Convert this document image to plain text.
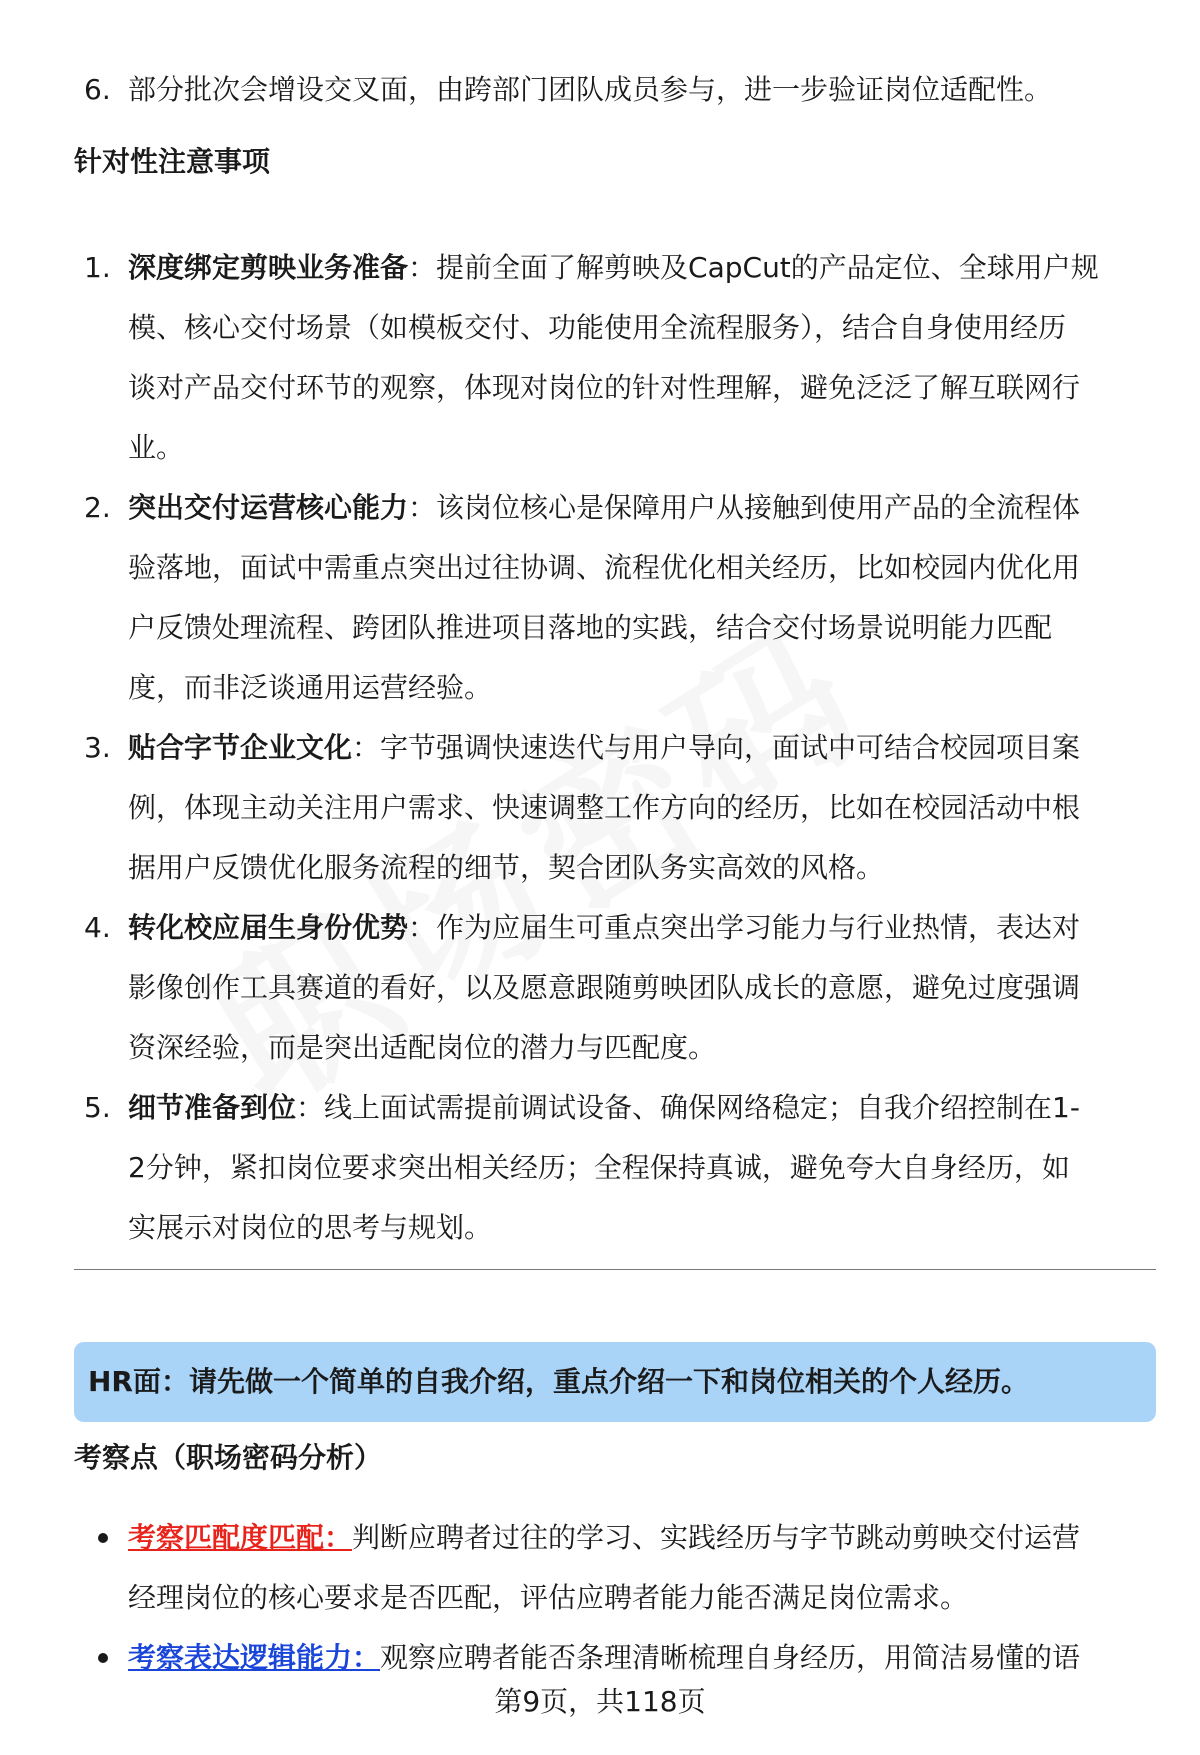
6. 部分批次会增设交叉面，由跨部门团队成员参与，进一步验证岗位适配性。
针对性注意事项
1. 深度绑定剪映业务准备：提前全面了解剪映及CapCut的产品定位、全球用户规
模、核心交付场景（如模板交付、功能使用全流程服务），结合自身使用经历
谈对产品交付环节的观察，体现对岗位的针对性理解，避免泛泛了解互联网行
业。
2. 突出交付运营核心能力：该岗位核心是保障用户从接触到使用产品的全流程体
验落地，面试中需重点突出过往协调、流程优化相关经历，比如校园内优化用
户反馈处理流程、跨团队推进项目落地的实践，结合交付场景说明能力匹配
度，而非泛谈通用运营经验。
3. 贴合字节企业文化：字节强调快速迭代与用户导向，面试中可结合校园项目案
例，体现主动关注用户需求、快速调整工作方向的经历，比如在校园活动中根
据用户反馈优化服务流程的细节，契合团队务实高效的风格。
4. 转化校应届生身份优势：作为应届生可重点突出学习能力与行业热情，表达对
影像创作工具赛道的看好，以及愿意跟随剪映团队成长的意愿，避免过度强调
资深经验，而是突出适配岗位的潜力与匹配度。
5. 细节准备到位：线上面试需提前调试设备、确保网络稳定；自我介绍控制在1-
2分钟，紧扣岗位要求突出相关经历；全程保持真诚，避免夸大自身经历，如
实展示对岗位的思考与规划。
HR面：请先做一个简单的自我介绍，重点介绍一下和岗位相关的个人经历。
考察点（职场密码分析）
考察匹配度匹配：判断应聘者过往的学习、实践经历与字节跳动剪映交付运营
经理岗位的核心要求是否匹配，评估应聘者能力能否满足岗位需求。
考察表达逻辑能力：观察应聘者能否条理清晰梳理自身经历，用简洁易懂的语
第9页，共118页
